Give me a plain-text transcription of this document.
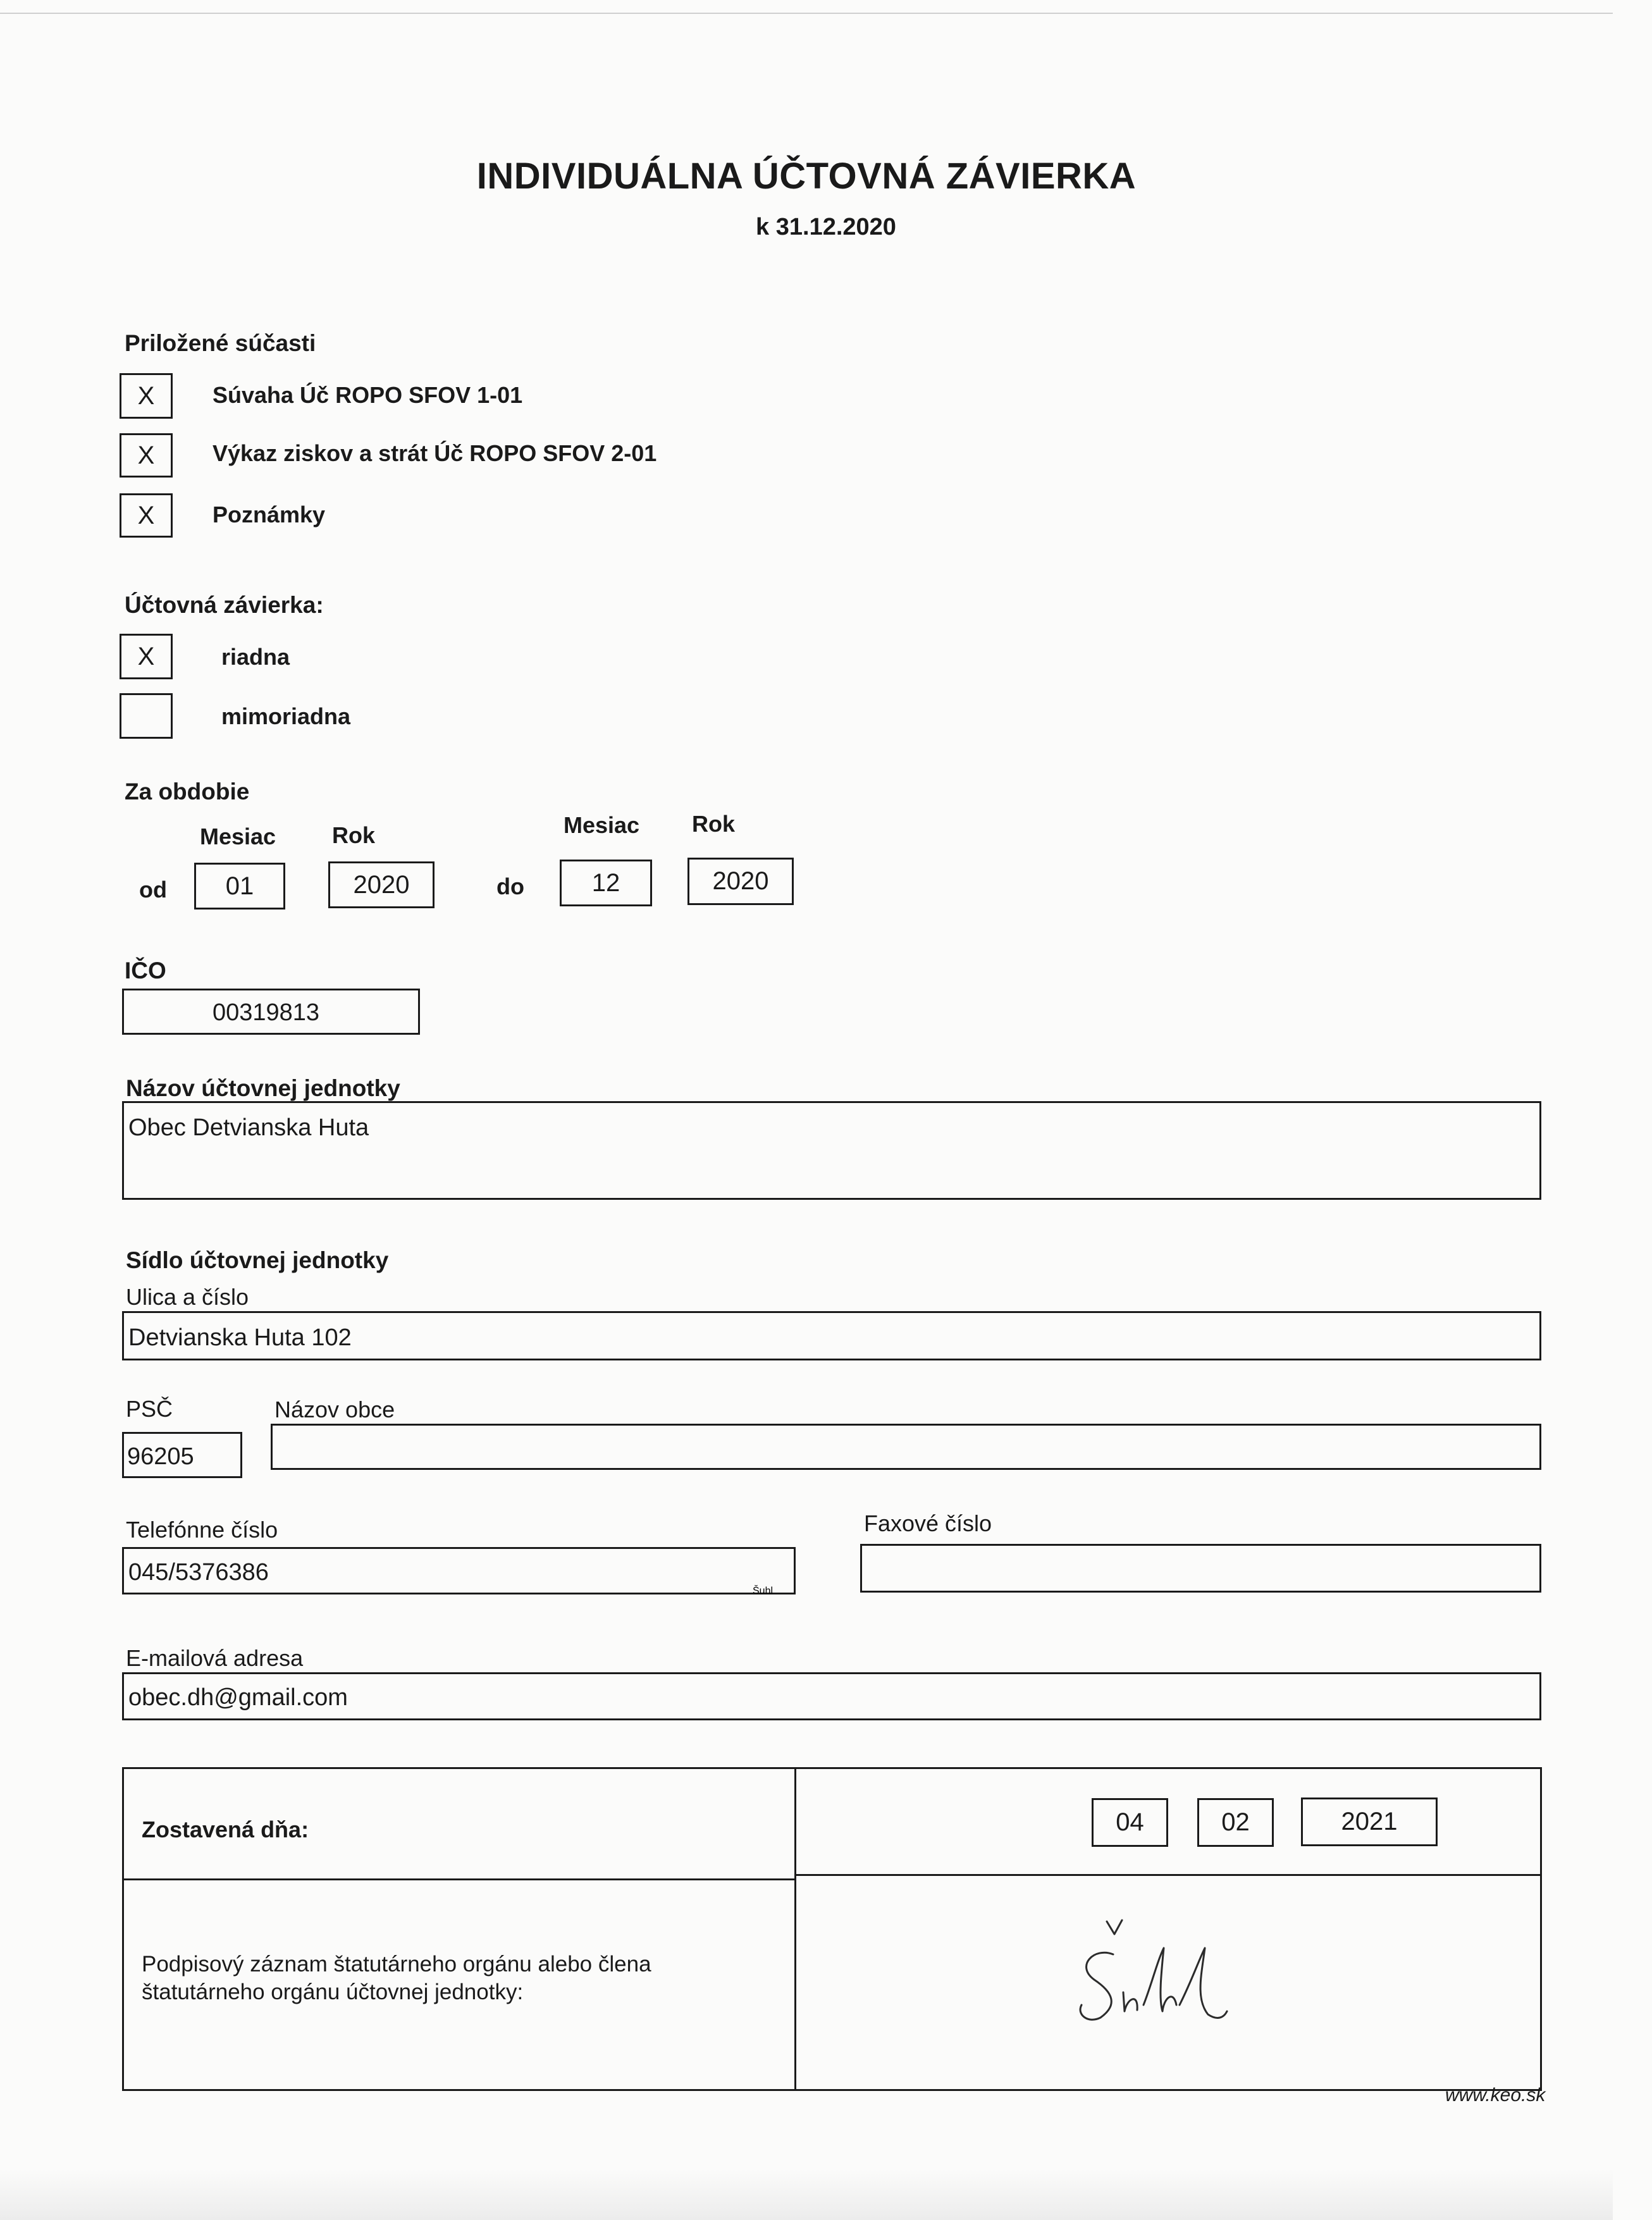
INDIVIDUÁLNA ÚČTOVNÁ ZÁVIERKA
k 31.12.2020
Priložené súčasti
X	Súvaha Úč ROPO SFOV 1-01
X	Výkaz ziskov a strát Úč ROPO SFOV 2-01
X	Poznámky
Účtovná závierka:
X	riadna
mimoriadna
Za obdobie
Mesiac Rok	Mesiac Rok
od 01	2020	do	12	2020
IČO
00319813
Názov účtovnej jednotky
Obec Detvianska Huta
Sídlo účtovnej jednotky
Ulica a číslo
Detvianska Huta 102
PSČ	Názov obce
96205
Telefónne číslo	Faxové číslo
045/5376386
E-mailová adresa
obec.dh@gmail.com
Zostavená dňa:	04	02	2021
Podpisový záznam štatutárneho orgánu alebo člena
štatutárneho orgánu účtovnej jednotky:
Šuhl
www.keo.sk
